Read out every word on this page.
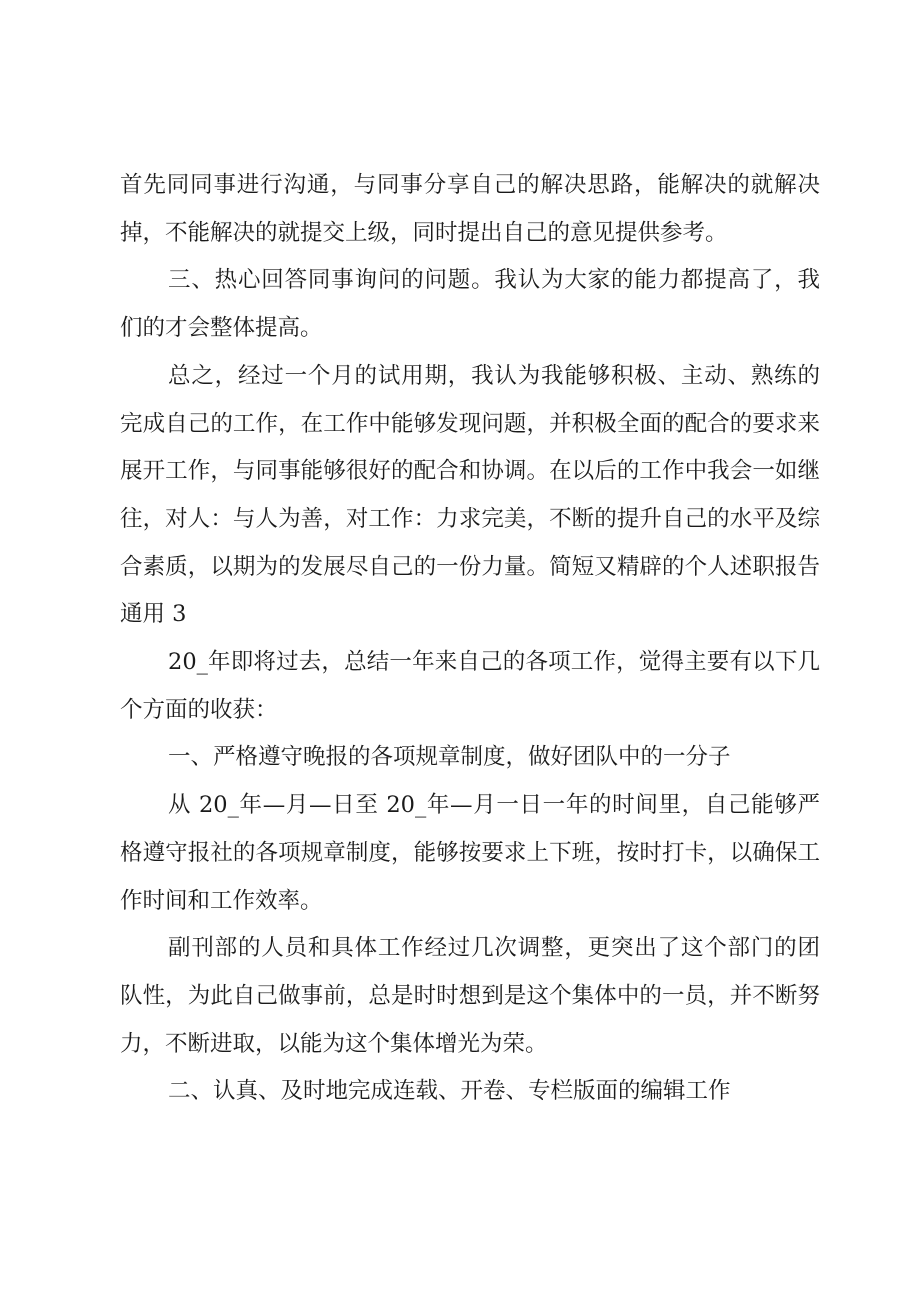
首先同同事进行沟通，与同事分享自己的解决思路，能解决的就解决掉，不能解决的就提交上级，同时提出自己的意见提供参考。

三、热心回答同事询问的问题。我认为大家的能力都提高了，我们的才会整体提高。

总之，经过一个月的试用期，我认为我能够积极、主动、熟练的完成自己的工作，在工作中能够发现问题，并积极全面的配合的要求来展开工作，与同事能够很好的配合和协调。在以后的工作中我会一如继往，对人：与人为善，对工作：力求完美，不断的提升自己的水平及综合素质，以期为的发展尽自己的一份力量。简短又精辟的个人述职报告通用 3

20_年即将过去，总结一年来自己的各项工作，觉得主要有以下几个方面的收获：

一、严格遵守晚报的各项规章制度，做好团队中的一分子

从 20_年—月—日至 20_年—月一日一年的时间里，自己能够严格遵守报社的各项规章制度，能够按要求上下班，按时打卡，以确保工作时间和工作效率。

副刊部的人员和具体工作经过几次调整，更突出了这个部门的团队性，为此自己做事前，总是时时想到是这个集体中的一员，并不断努力，不断进取，以能为这个集体增光为荣。

二、认真、及时地完成连载、开卷、专栏版面的编辑工作
